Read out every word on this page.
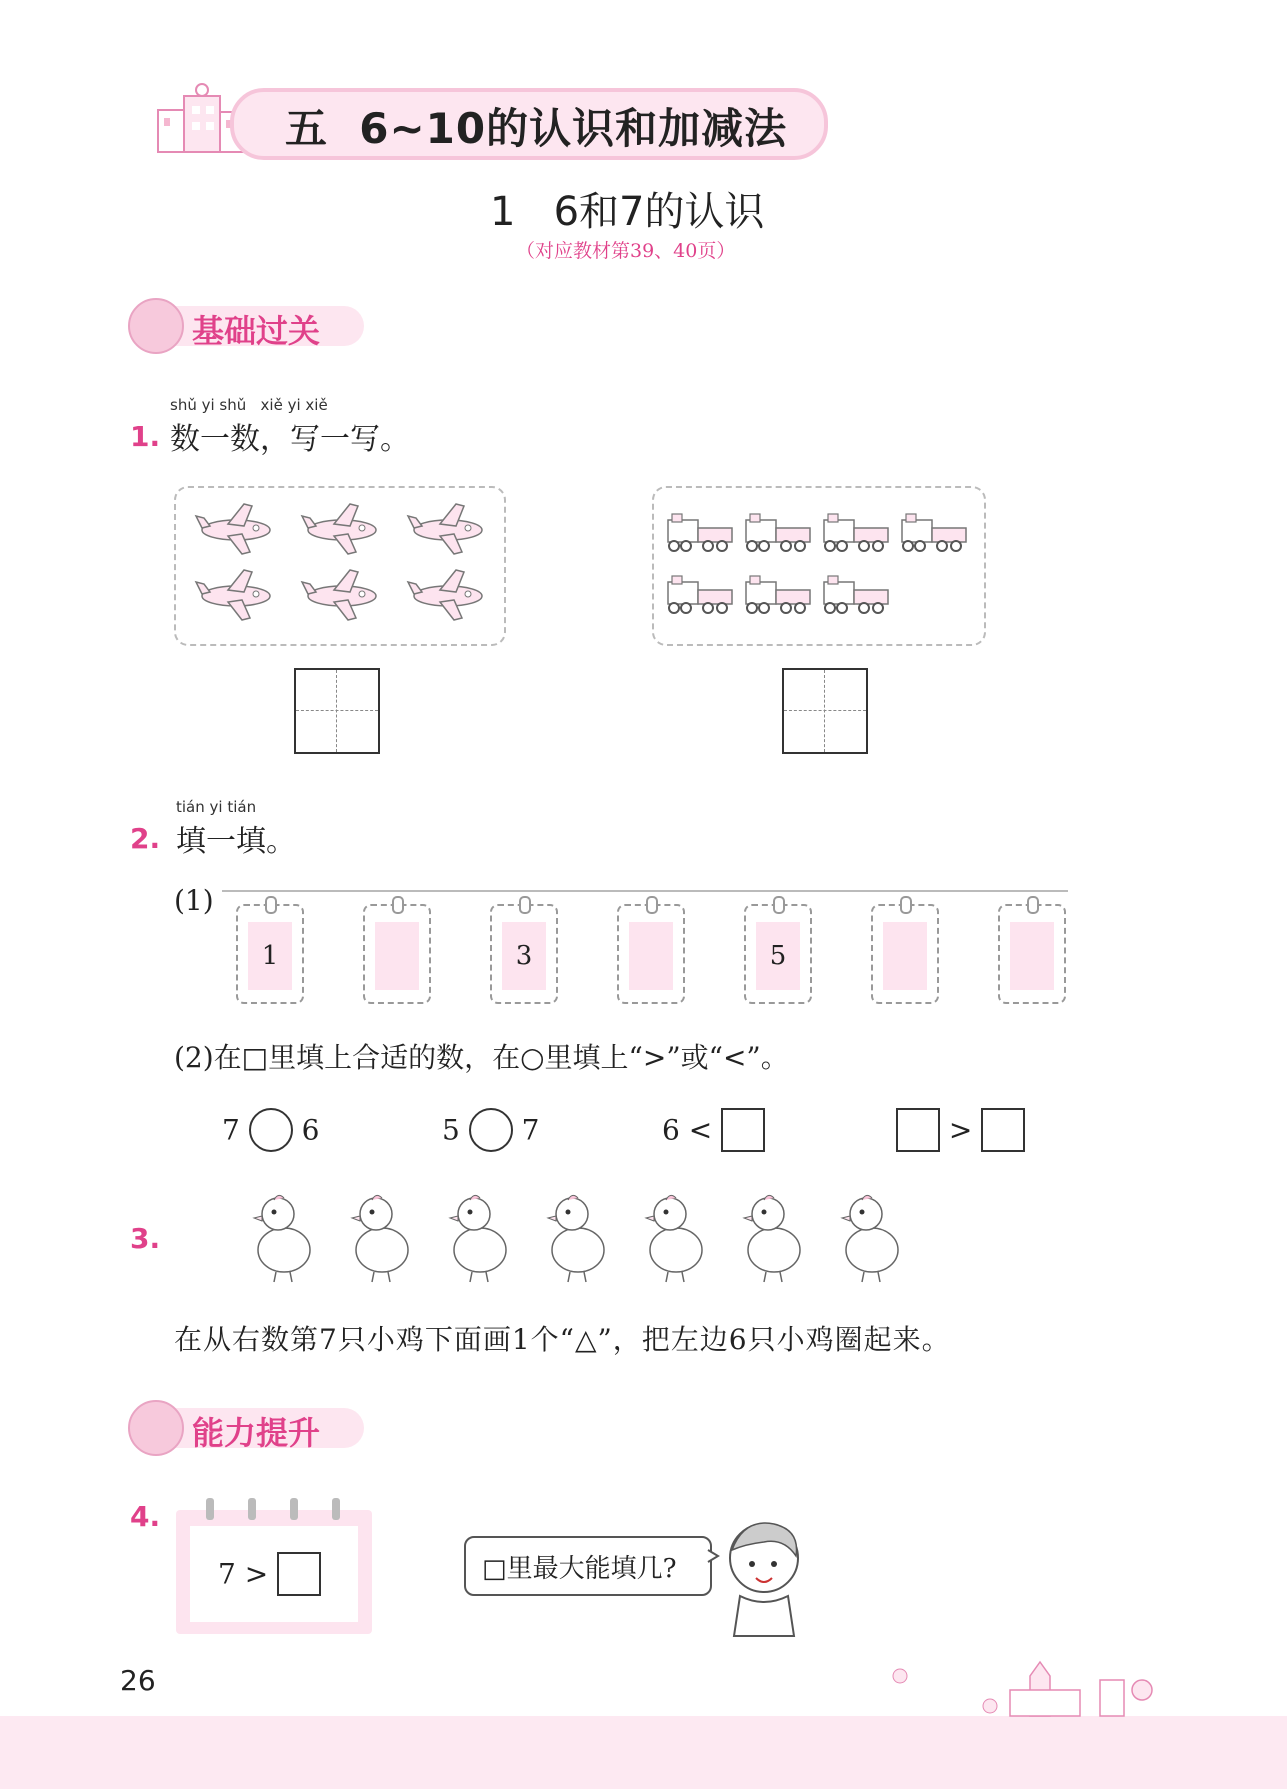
五 6~10的认识和加减法
1   6和7的认识
（对应教材第39、40页）
基础过关
shǔ yi shǔ   xiě yi xiě
1. 数一数，写一写。
tián yi tián
2. 填一填。
(1)
1	3	5
(2)在□里填上合适的数，在○里填上“>”或“<”。
7 6	5 7	6 <	>
3.
在从右数第7只小鸡下面画1个“△”，把左边6只小鸡圈起来。
能力提升
4.
7 >	□里最大能填几?
26
